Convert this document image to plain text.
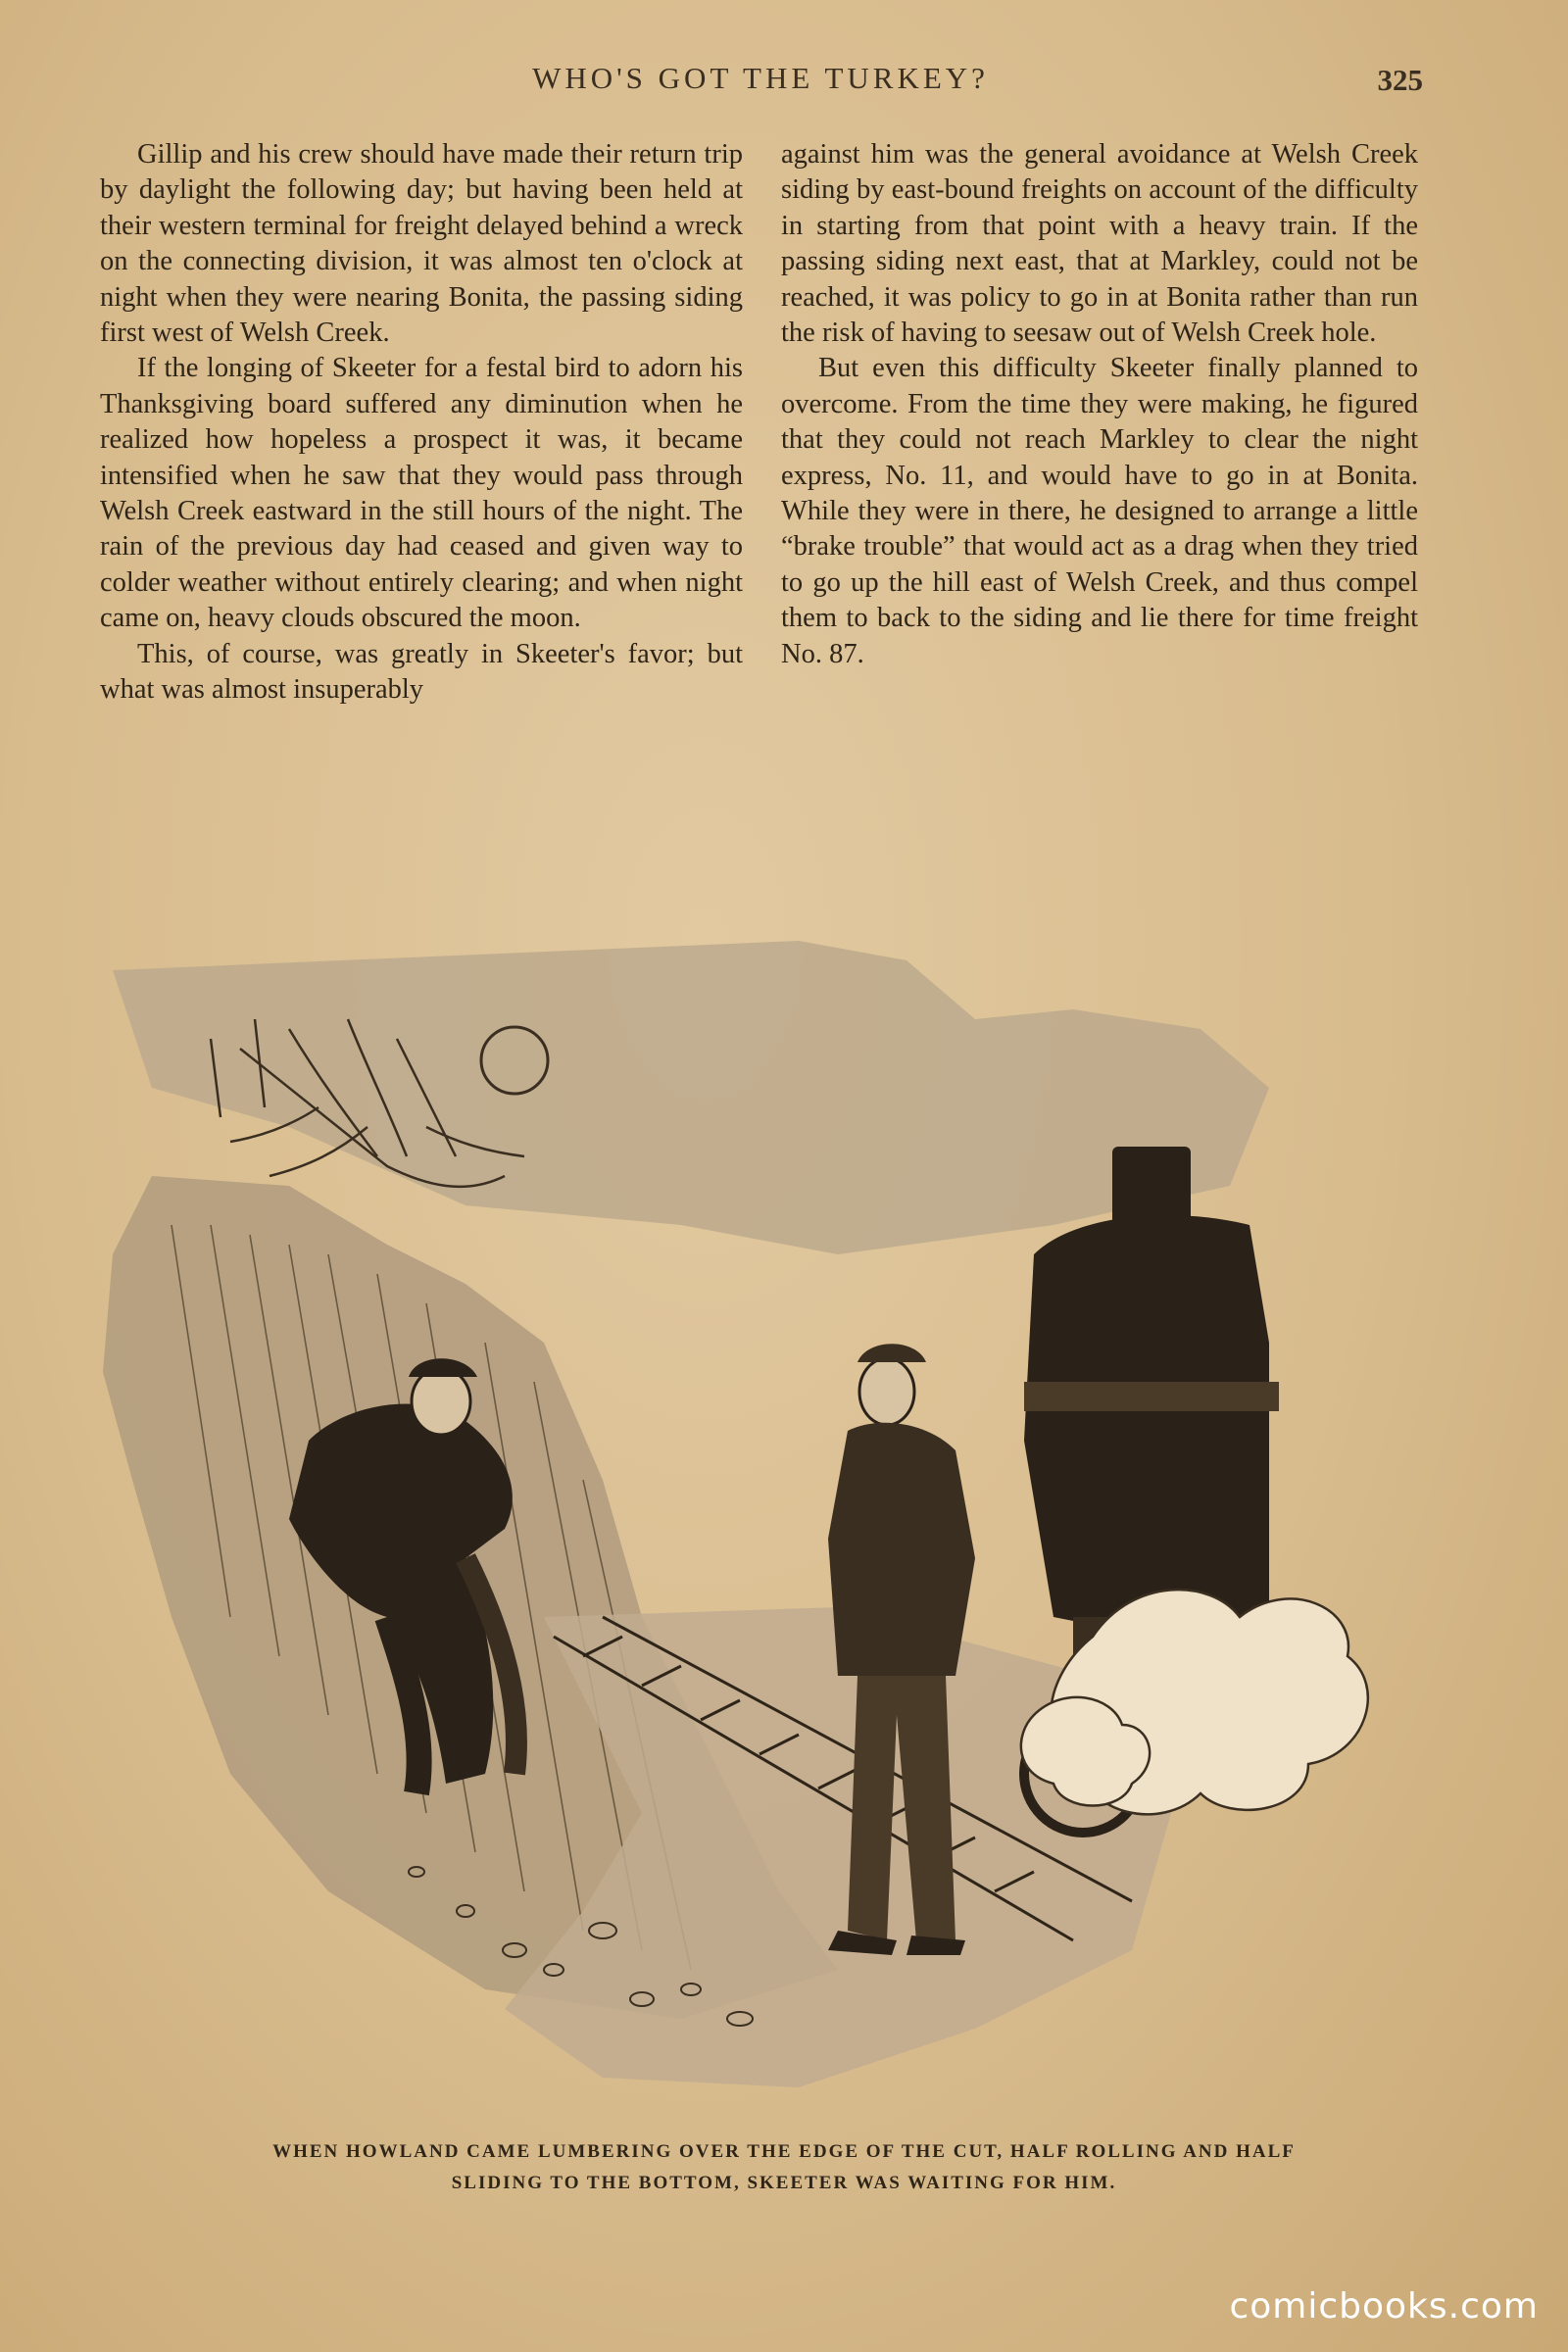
WHO'S GOT THE TURKEY?	325

Gillip and his crew should have made their return trip by daylight the following day; but having been held at their western terminal for freight delayed behind a wreck on the connecting division, it was almost ten o'clock at night when they were nearing Bonita, the passing siding first west of Welsh Creek.

If the longing of Skeeter for a festal bird to adorn his Thanksgiving board suffered any diminution when he realized how hopeless a prospect it was, it became intensified when he saw that they would pass through Welsh Creek eastward in the still hours of the night. The rain of the previous day had ceased and given way to colder weather without entirely clearing; and when night came on, heavy clouds obscured the moon.

This, of course, was greatly in Skeeter's favor; but what was almost insuperably

against him was the general avoidance at Welsh Creek siding by east-bound freights on account of the difficulty in starting from that point with a heavy train. If the passing siding next east, that at Markley, could not be reached, it was policy to go in at Bonita rather than run the risk of having to seesaw out of Welsh Creek hole.

But even this difficulty Skeeter finally planned to overcome. From the time they were making, he figured that they could not reach Markley to clear the night express, No. 11, and would have to go in at Bonita. While they were in there, he designed to arrange a little “brake trouble” that would act as a drag when they tried to go up the hill east of Welsh Creek, and thus compel them to back to the siding and lie there for time freight No. 87.

WHEN HOWLAND CAME LUMBERING OVER THE EDGE OF THE CUT, HALF ROLLING AND HALF
SLIDING TO THE BOTTOM, SKEETER WAS WAITING FOR HIM.
comicbooks.com
